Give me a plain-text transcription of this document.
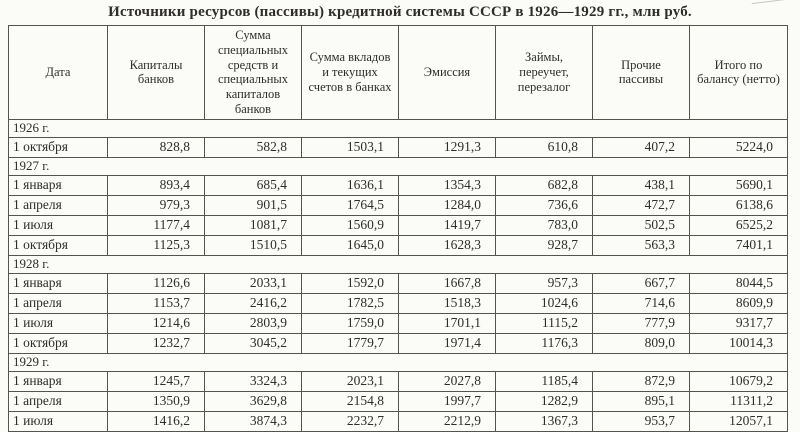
Источники ресурсов (пассивы) кредитной системы СССР в 1926—1929 гг., млн руб.
Дата	Капиталы банков	Сумма специальных средств и специальных капиталов банков	Сумма вкладов и текущих счетов в банках	Эмиссия	Займы, переучет, перезалог	Прочие пассивы	Итого по балансу (нетто)
1926 г.							
1 октября	828,8	582,8	1503,1	1291,3	610,8	407,2	5224,0
1927 г.							
1 января	893,4	685,4	1636,1	1354,3	682,8	438,1	5690,1
1 апреля	979,3	901,5	1764,5	1284,0	736,6	472,7	6138,6
1 июля	1177,4	1081,7	1560,9	1419,7	783,0	502,5	6525,2
1 октября	1125,3	1510,5	1645,0	1628,3	928,7	563,3	7401,1
1928 г.							
1 января	1126,6	2033,1	1592,0	1667,8	957,3	667,7	8044,5
1 апреля	1153,7	2416,2	1782,5	1518,3	1024,6	714,6	8609,9
1 июля	1214,6	2803,9	1759,0	1701,1	1115,2	777,9	9317,7
1 октября	1232,7	3045,2	1779,7	1971,4	1176,3	809,0	10014,3
1929 г.							
1 января	1245,7	3324,3	2023,1	2027,8	1185,4	872,9	10679,2
1 апреля	1350,9	3629,8	2154,8	1997,7	1282,9	895,1	11311,2
1 июля	1416,2	3874,3	2232,7	2212,9	1367,3	953,7	12057,1
